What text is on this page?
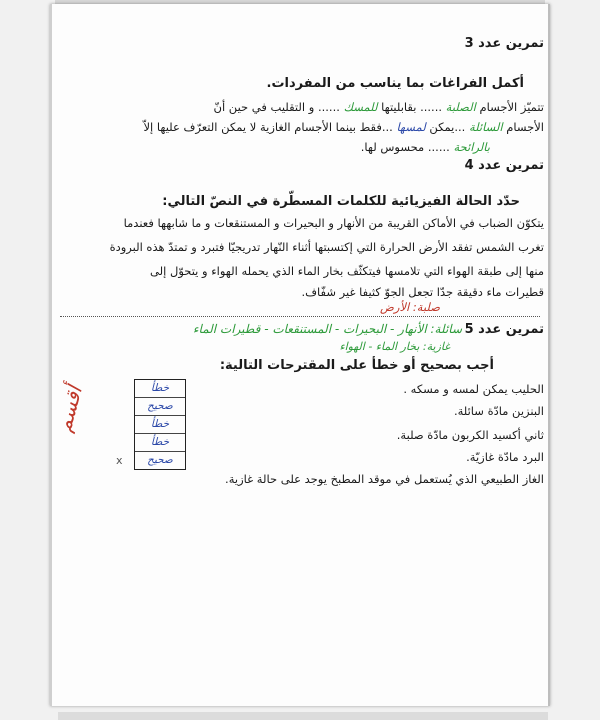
تمرين عدد 3
أكمل الفراغات بما يناسب من المفردات.
تتميّز الأجسام الصلبة ...... بقابليتها للمسك ...... و التقليب في حين أنّ
الأجسام السائلة ...يمكن لمسها ...فقط بينما الأجسام الغازية لا يمكن التعرّف عليها إلاّ
بالرائحة ...... محسوس لها.
تمرين عدد 4
حدّد الحالة الفيزيائية للكلمات المسطّرة في النصّ التالي:
يتكوّن الضباب في الأماكن القريبة من الأنهار و البحيرات و المستنقعات و ما شابهها فعندما
تغرب الشمس تفقد الأرض الحرارة التي إكتسبتها أثناء النّهار تدريجيّا فتبرد و تمتدّ هذه البرودة
منها إلى طبقة الهواء التي تلامسها فيتكثّف بخار الماء الذي يحمله الهواء و يتحوّل إلى
قطيرات ماء دقيقة جدّا تجعل الجوّ كثيفا غير شفّاف.
صلبة: الأرض
تمرين عدد 5
سائلة: الأنهار - البحيرات - المستنقعات - قطيرات الماء
غازية: بخار الماء - الهواء
أجب بصحيح أو خطأ على المقترحات التالية:
الحليب يمكن لمسه و مسكه .
البنزين مادّة سائلة.
ثاني أكسيد الكربون مادّة صلبة.
البرد مادّة غازيّة.
الغاز الطبيعي الذي يُستعمل في موقد المطبخ يوجد على حالة غازية.
خطأ
صحيح
خطأ
خطأ
صحيح
x
أقسم
